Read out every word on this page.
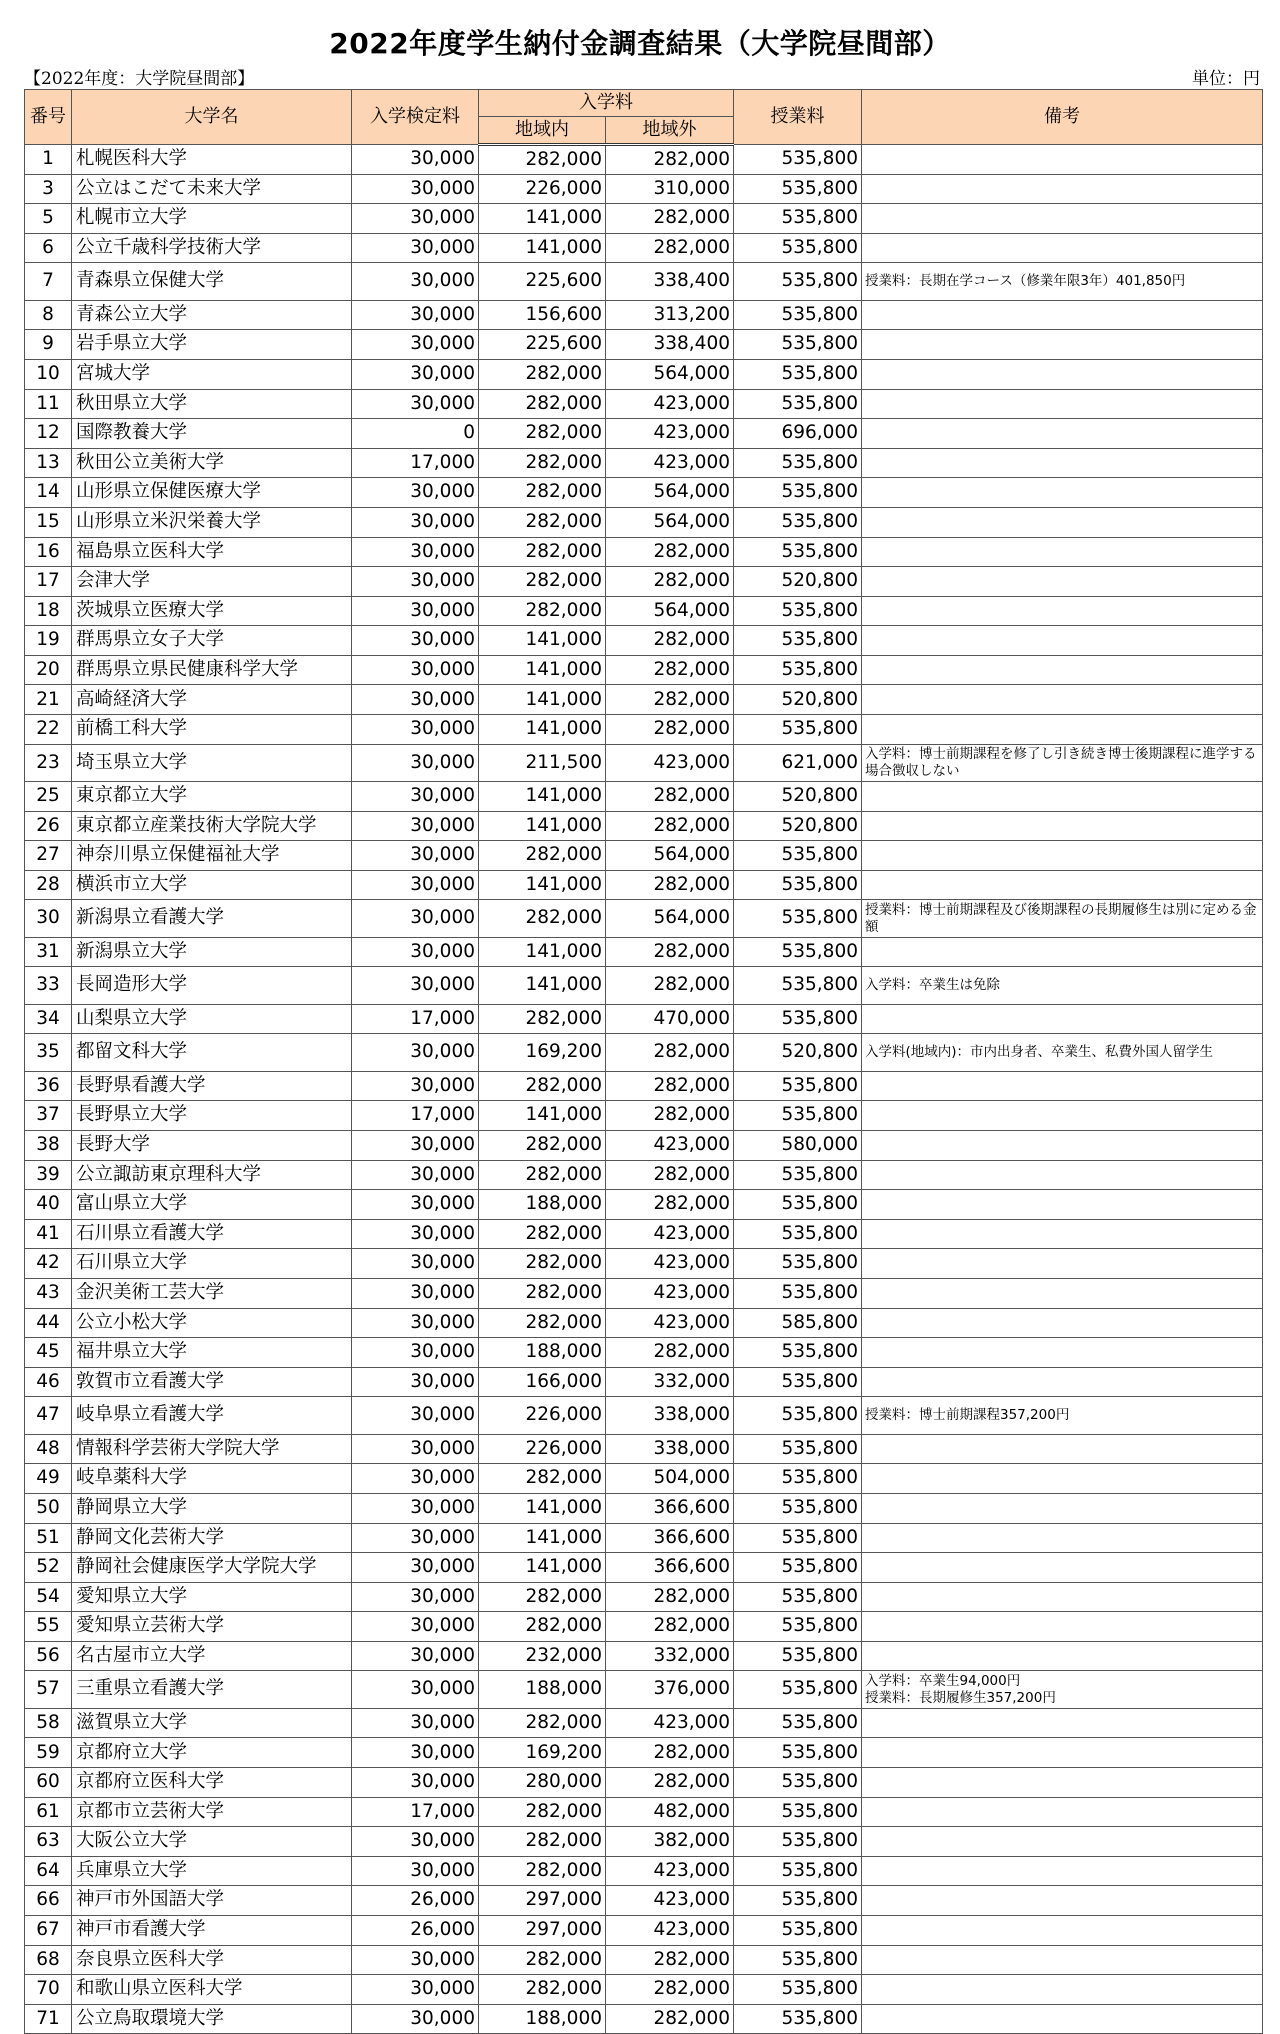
2022年度学生納付金調査結果（大学院昼間部）
【2022年度：大学院昼間部】	単位：円
番号	大学名	入学検定料	入学料		授業料	備考
			地域内	地域外		
1	札幌医科大学	30,000	282,000	282,000	535,800	
3	公立はこだて未来大学	30,000	226,000	310,000	535,800	
5	札幌市立大学	30,000	141,000	282,000	535,800	
6	公立千歳科学技術大学	30,000	141,000	282,000	535,800	
7	青森県立保健大学	30,000	225,600	338,400	535,800	授業料：長期在学コース（修業年限3年）401,850円
8	青森公立大学	30,000	156,600	313,200	535,800	
9	岩手県立大学	30,000	225,600	338,400	535,800	
10	宮城大学	30,000	282,000	564,000	535,800	
11	秋田県立大学	30,000	282,000	423,000	535,800	
12	国際教養大学	0	282,000	423,000	696,000	
13	秋田公立美術大学	17,000	282,000	423,000	535,800	
14	山形県立保健医療大学	30,000	282,000	564,000	535,800	
15	山形県立米沢栄養大学	30,000	282,000	564,000	535,800	
16	福島県立医科大学	30,000	282,000	282,000	535,800	
17	会津大学	30,000	282,000	282,000	520,800	
18	茨城県立医療大学	30,000	282,000	564,000	535,800	
19	群馬県立女子大学	30,000	141,000	282,000	535,800	
20	群馬県立県民健康科学大学	30,000	141,000	282,000	535,800	
21	高崎経済大学	30,000	141,000	282,000	520,800	
22	前橋工科大学	30,000	141,000	282,000	535,800	
23	埼玉県立大学	30,000	211,500	423,000	621,000	入学料：博士前期課程を修了し引き続き博士後期課程に進学する場合徴収しない
25	東京都立大学	30,000	141,000	282,000	520,800	
26	東京都立産業技術大学院大学	30,000	141,000	282,000	520,800	
27	神奈川県立保健福祉大学	30,000	282,000	564,000	535,800	
28	横浜市立大学	30,000	141,000	282,000	535,800	
30	新潟県立看護大学	30,000	282,000	564,000	535,800	授業料：博士前期課程及び後期課程の長期履修生は別に定める金額
31	新潟県立大学	30,000	141,000	282,000	535,800	
33	長岡造形大学	30,000	141,000	282,000	535,800	入学料：卒業生は免除
34	山梨県立大学	17,000	282,000	470,000	535,800	
35	都留文科大学	30,000	169,200	282,000	520,800	入学料(地域内)：市内出身者、卒業生、私費外国人留学生
36	長野県看護大学	30,000	282,000	282,000	535,800	
37	長野県立大学	17,000	141,000	282,000	535,800	
38	長野大学	30,000	282,000	423,000	580,000	
39	公立諏訪東京理科大学	30,000	282,000	282,000	535,800	
40	富山県立大学	30,000	188,000	282,000	535,800	
41	石川県立看護大学	30,000	282,000	423,000	535,800	
42	石川県立大学	30,000	282,000	423,000	535,800	
43	金沢美術工芸大学	30,000	282,000	423,000	535,800	
44	公立小松大学	30,000	282,000	423,000	585,800	
45	福井県立大学	30,000	188,000	282,000	535,800	
46	敦賀市立看護大学	30,000	166,000	332,000	535,800	
47	岐阜県立看護大学	30,000	226,000	338,000	535,800	授業料：博士前期課程357,200円
48	情報科学芸術大学院大学	30,000	226,000	338,000	535,800	
49	岐阜薬科大学	30,000	282,000	504,000	535,800	
50	静岡県立大学	30,000	141,000	366,600	535,800	
51	静岡文化芸術大学	30,000	141,000	366,600	535,800	
52	静岡社会健康医学大学院大学	30,000	141,000	366,600	535,800	
54	愛知県立大学	30,000	282,000	282,000	535,800	
55	愛知県立芸術大学	30,000	282,000	282,000	535,800	
56	名古屋市立大学	30,000	232,000	332,000	535,800	
57	三重県立看護大学	30,000	188,000	376,000	535,800	入学料：卒業生94,000円
授業料：長期履修生357,200円
58	滋賀県立大学	30,000	282,000	423,000	535,800	
59	京都府立大学	30,000	169,200	282,000	535,800	
60	京都府立医科大学	30,000	280,000	282,000	535,800	
61	京都市立芸術大学	17,000	282,000	482,000	535,800	
63	大阪公立大学	30,000	282,000	382,000	535,800	
64	兵庫県立大学	30,000	282,000	423,000	535,800	
66	神戸市外国語大学	26,000	297,000	423,000	535,800	
67	神戸市看護大学	26,000	297,000	423,000	535,800	
68	奈良県立医科大学	30,000	282,000	282,000	535,800	
70	和歌山県立医科大学	30,000	282,000	282,000	535,800	
71	公立鳥取環境大学	30,000	188,000	282,000	535,800	
